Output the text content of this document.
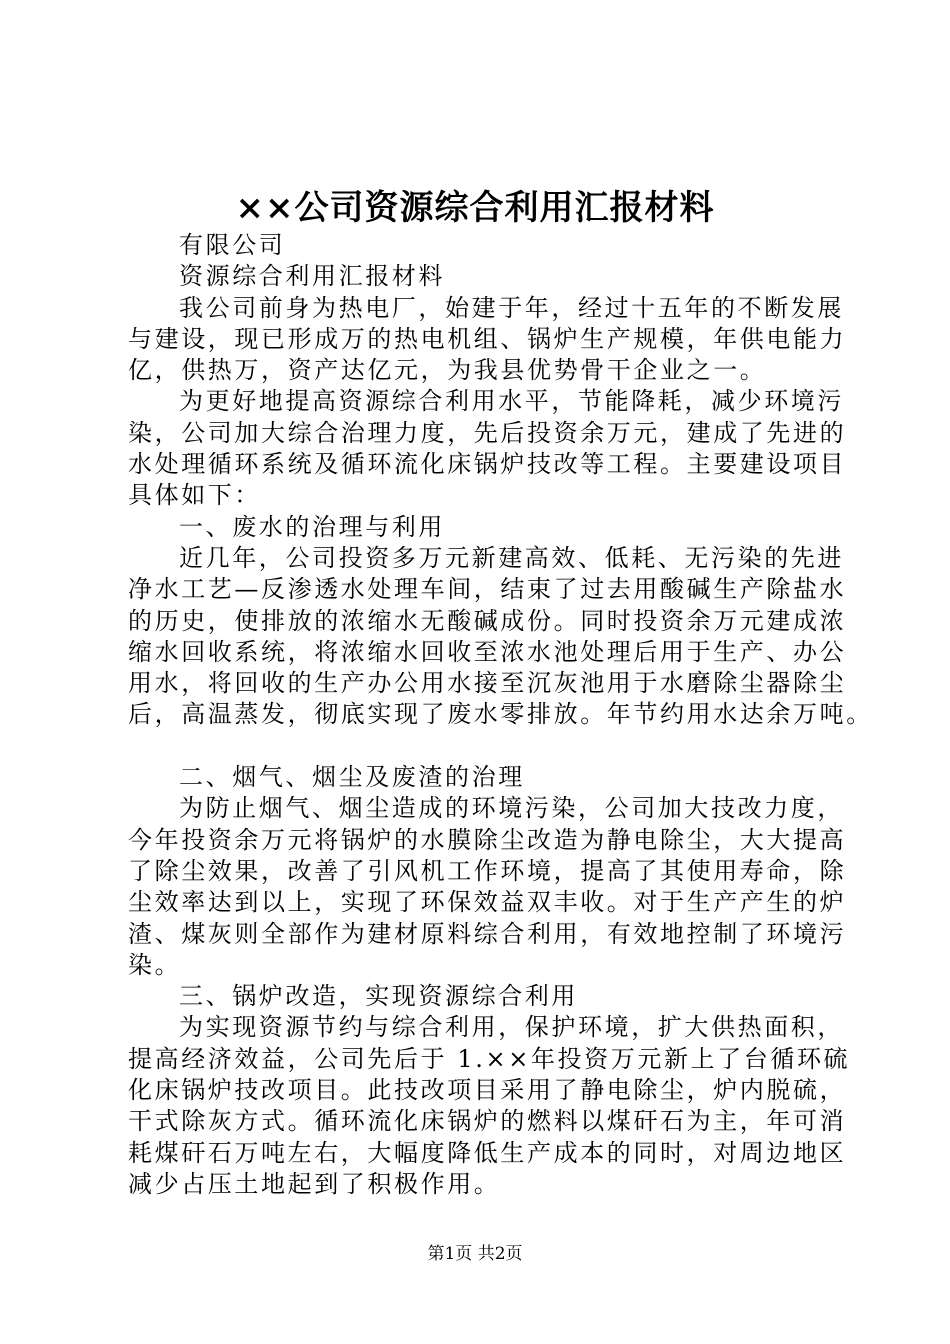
××公司资源综合利用汇报材料
有限公司
资源综合利用汇报材料
我公司前身为热电厂，始建于年，经过十五年的不断发展
与建设，现已形成万的热电机组、锅炉生产规模，年供电能力
亿，供热万，资产达亿元，为我县优势骨干企业之一。
为更好地提高资源综合利用水平，节能降耗，减少环境污
染，公司加大综合治理力度，先后投资余万元，建成了先进的
水处理循环系统及循环流化床锅炉技改等工程。主要建设项目
具体如下：
一、废水的治理与利用
近几年，公司投资多万元新建高效、低耗、无污染的先进
净水工艺—反渗透水处理车间，结束了过去用酸碱生产除盐水
的历史，使排放的浓缩水无酸碱成份。同时投资余万元建成浓
缩水回收系统，将浓缩水回收至浓水池处理后用于生产、办公
用水，将回收的生产办公用水接至沉灰池用于水磨除尘器除尘
后，高温蒸发，彻底实现了废水零排放。年节约用水达余万吨。
二、烟气、烟尘及废渣的治理
为防止烟气、烟尘造成的环境污染，公司加大技改力度，
今年投资余万元将锅炉的水膜除尘改造为静电除尘，大大提高
了除尘效果，改善了引风机工作环境，提高了其使用寿命，除
尘效率达到以上，实现了环保效益双丰收。对于生产产生的炉
渣、煤灰则全部作为建材原料综合利用，有效地控制了环境污
染。
三、锅炉改造，实现资源综合利用
为实现资源节约与综合利用，保护环境，扩大供热面积，
提高经济效益，公司先后于 1.××年投资万元新上了台循环硫
化床锅炉技改项目。此技改项目采用了静电除尘，炉内脱硫，
干式除灰方式。循环流化床锅炉的燃料以煤矸石为主，年可消
耗煤矸石万吨左右，大幅度降低生产成本的同时，对周边地区
减少占压土地起到了积极作用。
第1页 共2页
